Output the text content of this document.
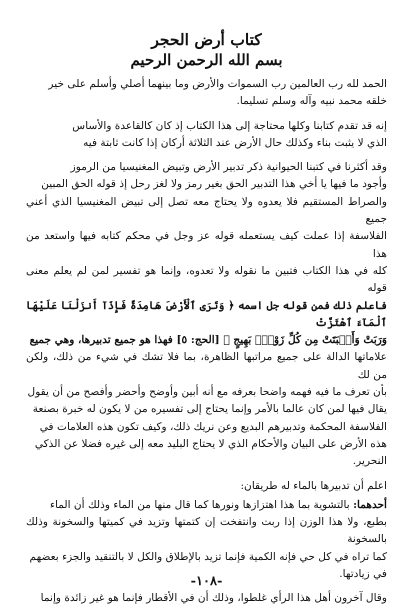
كتاب أرض الحجر
بسم الله الرحمن الرحيم

الحمد لله رب العالمين رب السموات والأرض وما بينهما أصلي وأسلم على خير
خلقه محمد نبيه وآله وسلم تسليما.

إنه قد تقدم كتابنا وكلها محتاجة إلى هذا الكتاب إذ كان كالقاعدة والأساس
الذي لا يثبت بناء وكذلك حال الأرض عند الثلاثة أركان إذا كانت ثابتة فيه

وقد أكثرنا في كتبنا الحيوانية ذكر تدبير الأرض وتبيض المغنيسيا من الرموز
وأجود ما فيها يا أخي هذا التدبير الحق بغير رمز ولا لغز رحل إذ قوله الحق المبين
والصراط المستقيم فلا يعدوه ولا يحتاج معه تصل إلى تبيض المغنيسيا الذي أعني جميع
الفلاسفة إذا عملت كيف يستعمله قوله عز وجل في محكم كتابه فيها واستعد من هذا
كله في هذا الكتاب فتبين ما نقوله ولا تعدوه، وإنما هو تفسير لمن لم يعلم معنى قوله
فاعلم ذلك فمن قوله جل اسمه ﴿ وَتَرَى ٱلْأَرْضَ هَامِدَةً فَإِذَآ أَنزَلْنَا عَلَيْهَا ٱلْمَآءَ ٱهْتَزَّتْ
وَرَبَتْ وَأَنۢبَتَتْ مِن كُلِّ زَوْجٍۭ بَهِيجٍ ﴾ [الحج: ٥] فهذا هو جميع تدبيرها، وهي جميع
علاماتها الدالة على جميع مراتبها الظاهرة، بما فلا تشك في شيء من ذلك، ولكن من لك
بأن تعرف ما فيه فهمه واضحا بعرفه مع أنه أبين وأوضح وأحضر وأفصح من أن يقول
يقال فيها لمن كان عالما بالأمر وإنما يحتاج إلى تفسيره من لا يكون له خبرة بصنعة
الفلاسفة المحكمة وتدبيرهم البديع وعن نريك ذلك، وكيف تكون هذه العلامات في
هذه الأرض على البيان والأحكام الذي لا يحتاج البليد معه إلى غيره فضلا عن الذكي
النحرير.

اعلم أن تدبيرها بالماء له طريقان:

أحدهما: بالتشوية بما هذا اهتزازها ونورها كما قال منها من الماء وذلك أن الماء
بطبع، ولا هذا الوزن إذا ربت وانتفخت إن كتمتها وتزيد في كميتها والسخونة وذلك بالسخونة
كما تراه في كل حي فإنه الكمية فإنما تزيد بالإطلاق والكل لا بالتنقيد والجزء بعضهم
في زيادتها.

وقال آخرون أهل هذا الرأي غلطوا، وذلك أن في الأقطار فإنما هو غير زائدة وإنما

-١٠٨-
